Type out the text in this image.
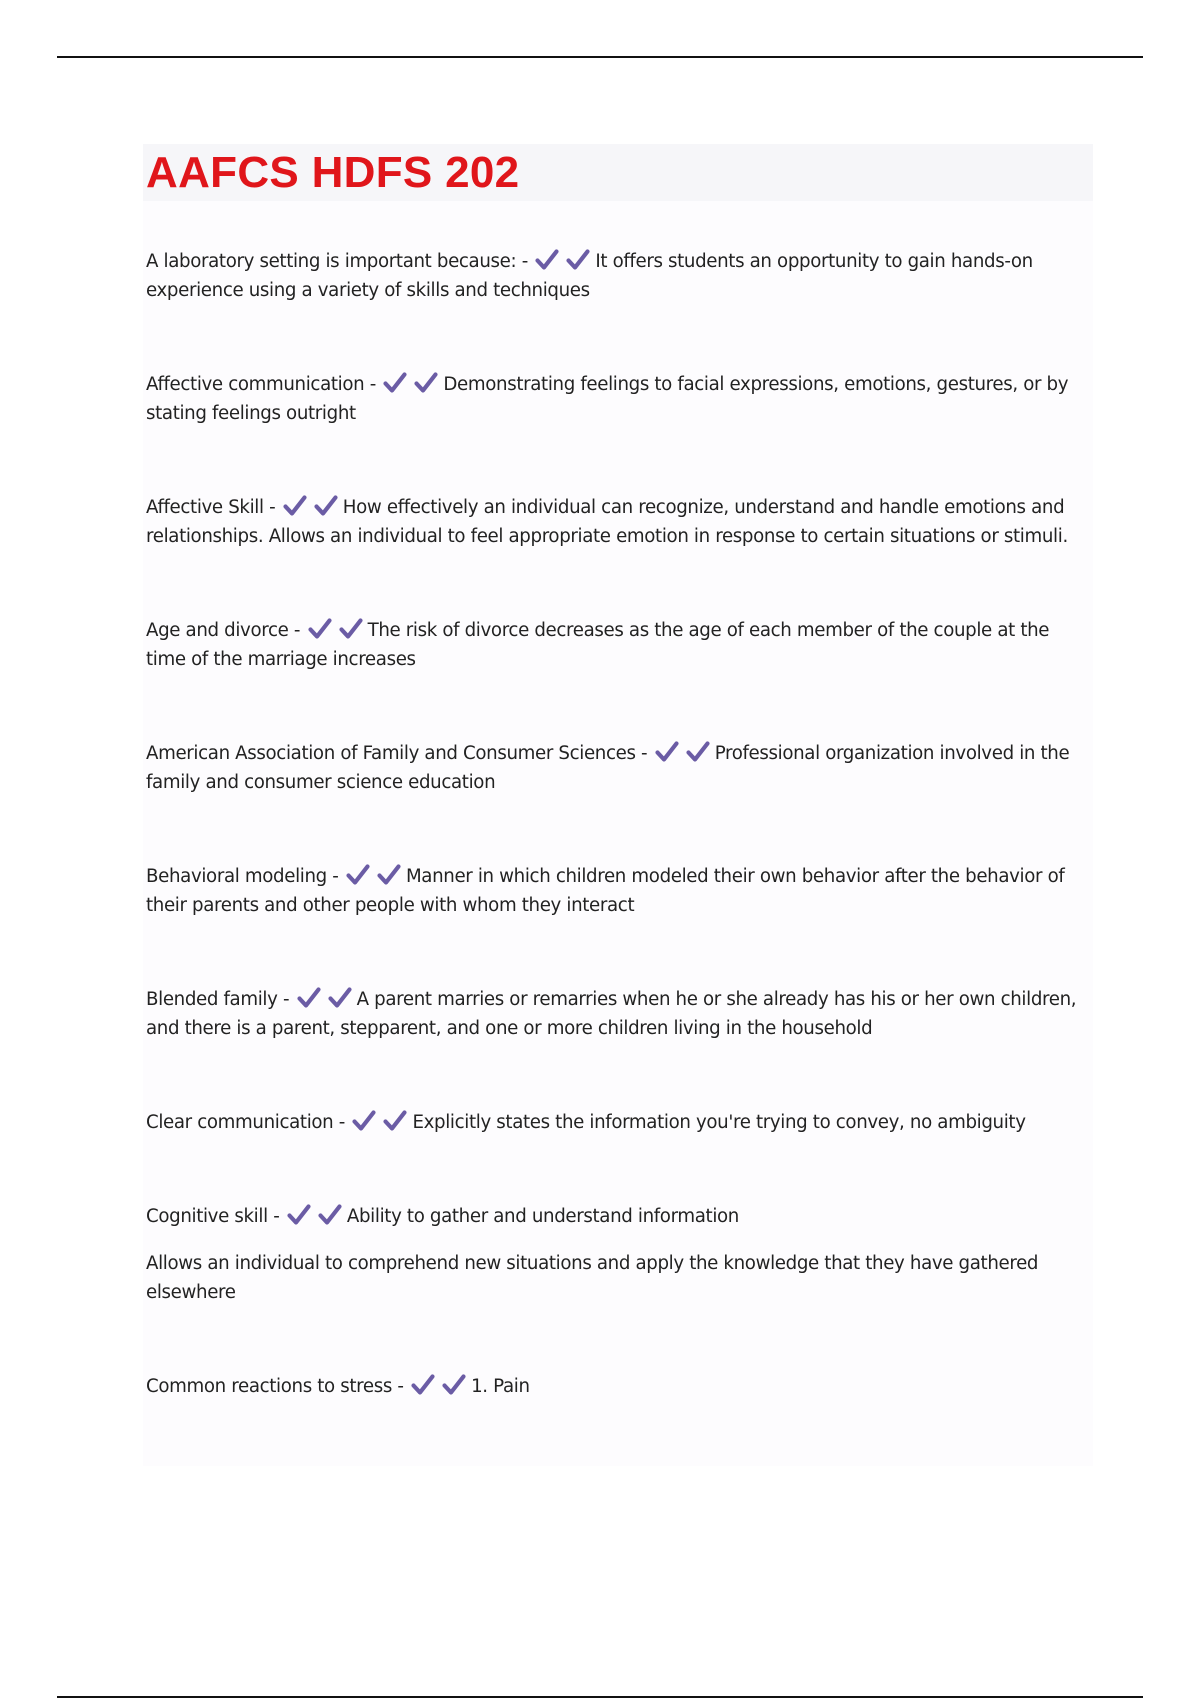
AAFCS HDFS 202
A laboratory setting is important because: -	It offers students an opportunity to gain hands-on experience using a variety of skills and techniques
Affective communication -	Demonstrating feelings to facial expressions, emotions, gestures, or by stating feelings outright
Affective Skill -	How effectively an individual can recognize, understand and handle emotions and relationships. Allows an individual to feel appropriate emotion in response to certain situations or stimuli.
Age and divorce -	The risk of divorce decreases as the age of each member of the couple at the time of the marriage increases
American Association of Family and Consumer Sciences -	Professional organization involved in the family and consumer science education
Behavioral modeling -	Manner in which children modeled their own behavior after the behavior of their parents and other people with whom they interact
Blended family -	A parent marries or remarries when he or she already has his or her own children, and there is a parent, stepparent, and one or more children living in the household
Clear communication -	Explicitly states the information you're trying to convey, no ambiguity
Cognitive skill -	Ability to gather and understand information
Allows an individual to comprehend new situations and apply the knowledge that they have gathered elsewhere
Common reactions to stress -	1. Pain
